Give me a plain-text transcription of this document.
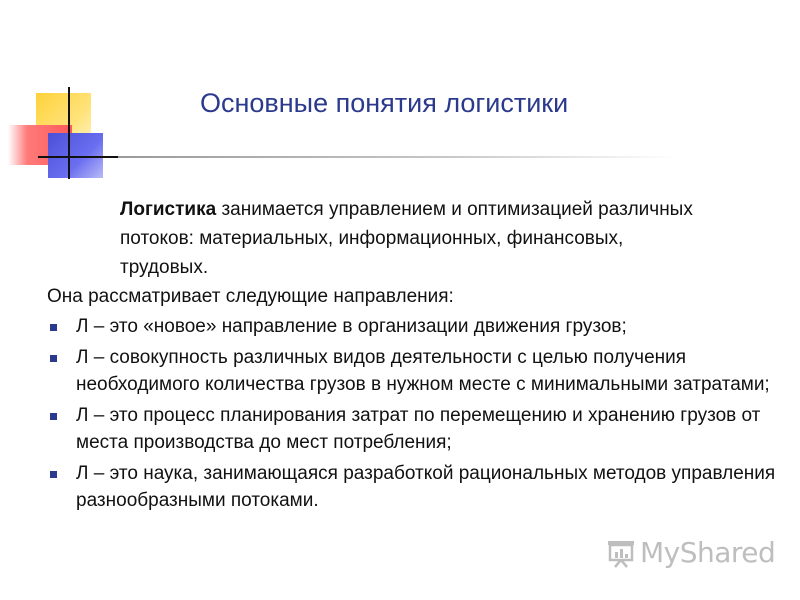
Основные понятия логистики
Логистика занимается управлением и оптимизацией различных потоков: материальных, информационных, финансовых, трудовых.
Она рассматривает следующие направления:
Л – это «новое» направление в организации движения грузов;
Л – совокупность различных видов деятельности с целью получения необходимого количества грузов в нужном месте с минимальными затратами;
Л – это процесс планирования затрат по перемещению и хранению грузов от места производства до мест потребления;
Л – это наука, занимающаяся разработкой рациональных методов управления разнообразными потоками.
MyShared
